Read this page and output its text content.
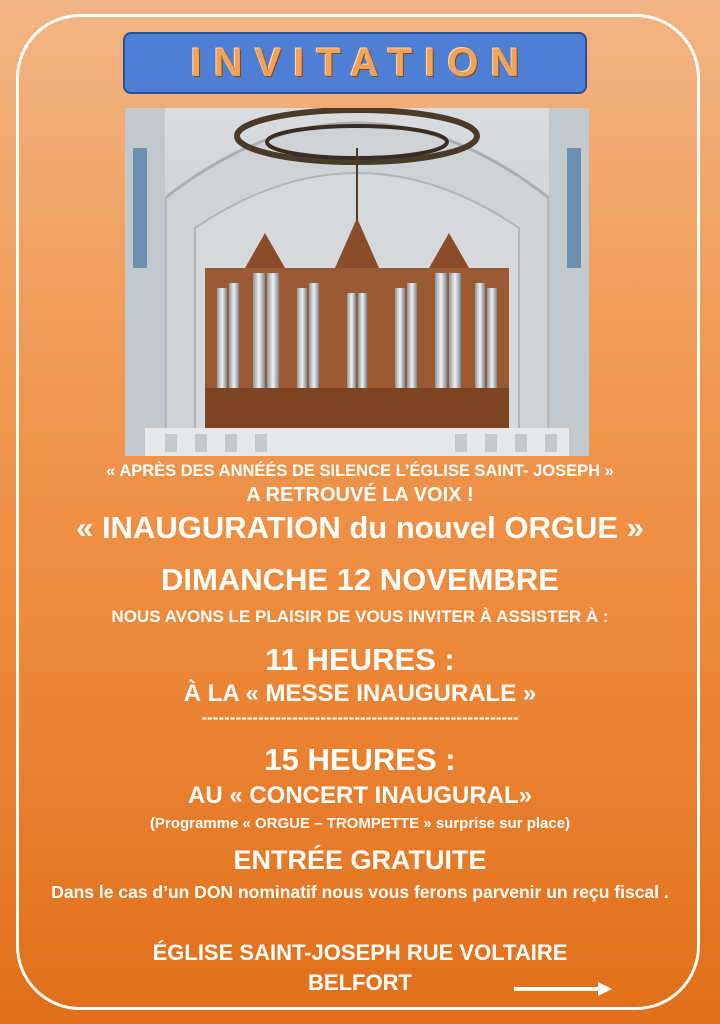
INVITATION
« APRÈS DES ANNÉÉS DE SILENCE L’ÉGLISE SAINT- JOSEPH »
A RETROUVÉ LA VOIX !
« INAUGURATION du nouvel ORGUE »
DIMANCHE 12 NOVEMBRE
NOUS AVONS LE PLAISIR DE VOUS INVITER À ASSISTER À :
11 HEURES :
À LA « MESSE INAUGURALE »
--------------------------------------------------------
15 HEURES :
AU « CONCERT INAUGURAL»
(Programme « ORGUE – TROMPETTE » surprise sur place)
ENTRÉE GRATUITE
Dans le cas d’un DON nominatif nous vous ferons parvenir un reçu fiscal .
ÉGLISE SAINT-JOSEPH RUE VOLTAIRE
BELFORT
